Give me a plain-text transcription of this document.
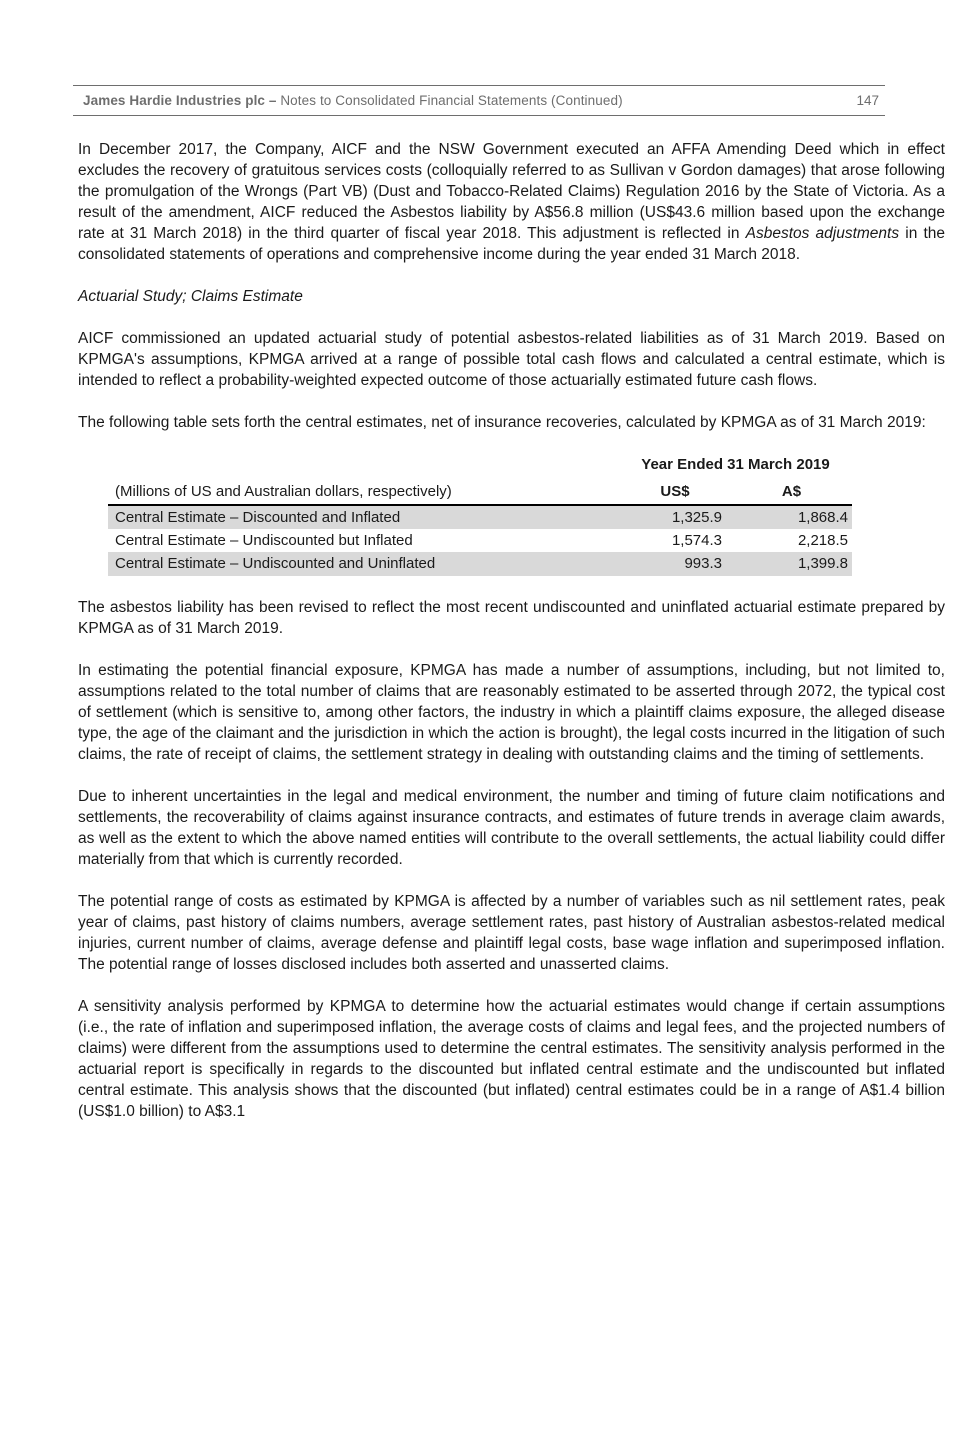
James Hardie Industries plc – Notes to Consolidated Financial Statements (Continued)	147

In December 2017, the Company, AICF and the NSW Government executed an AFFA Amending Deed which in effect excludes the recovery of gratuitous services costs (colloquially referred to as Sullivan v Gordon damages) that arose following the promulgation of the Wrongs (Part VB) (Dust and Tobacco-Related Claims) Regulation 2016 by the State of Victoria. As a result of the amendment, AICF reduced the Asbestos liability by A$56.8 million (US$43.6 million based upon the exchange rate at 31 March 2018) in the third quarter of fiscal year 2018. This adjustment is reflected in Asbestos adjustments in the consolidated statements of operations and comprehensive income during the year ended 31 March 2018.

Actuarial Study; Claims Estimate

AICF commissioned an updated actuarial study of potential asbestos-related liabilities as of 31 March 2019. Based on KPMGA's assumptions, KPMGA arrived at a range of possible total cash flows and calculated a central estimate, which is intended to reflect a probability-weighted expected outcome of those actuarially estimated future cash flows.

The following table sets forth the central estimates, net of insurance recoveries, calculated by KPMGA as of 31 March 2019:

	Year Ended 31 March 2019	
(Millions of US and Australian dollars, respectively)	US$	A$
Central Estimate – Discounted and Inflated	1,325.9	1,868.4
Central Estimate – Undiscounted but Inflated	1,574.3	2,218.5
Central Estimate – Undiscounted and Uninflated	993.3	1,399.8

The asbestos liability has been revised to reflect the most recent undiscounted and uninflated actuarial estimate prepared by KPMGA as of 31 March 2019.

In estimating the potential financial exposure, KPMGA has made a number of assumptions, including, but not limited to, assumptions related to the total number of claims that are reasonably estimated to be asserted through 2072, the typical cost of settlement (which is sensitive to, among other factors, the industry in which a plaintiff claims exposure, the alleged disease type, the age of the claimant and the jurisdiction in which the action is brought), the legal costs incurred in the litigation of such claims, the rate of receipt of claims, the settlement strategy in dealing with outstanding claims and the timing of settlements.

Due to inherent uncertainties in the legal and medical environment, the number and timing of future claim notifications and settlements, the recoverability of claims against insurance contracts, and estimates of future trends in average claim awards, as well as the extent to which the above named entities will contribute to the overall settlements, the actual liability could differ materially from that which is currently recorded.

The potential range of costs as estimated by KPMGA is affected by a number of variables such as nil settlement rates, peak year of claims, past history of claims numbers, average settlement rates, past history of Australian asbestos-related medical injuries, current number of claims, average defense and plaintiff legal costs, base wage inflation and superimposed inflation. The potential range of losses disclosed includes both asserted and unasserted claims.

A sensitivity analysis performed by KPMGA to determine how the actuarial estimates would change if certain assumptions (i.e., the rate of inflation and superimposed inflation, the average costs of claims and legal fees, and the projected numbers of claims) were different from the assumptions used to determine the central estimates. The sensitivity analysis performed in the actuarial report is specifically in regards to the discounted but inflated central estimate and the undiscounted but inflated central estimate. This analysis shows that the discounted (but inflated) central estimates could be in a range of A$1.4 billion (US$1.0 billion) to A$3.1
